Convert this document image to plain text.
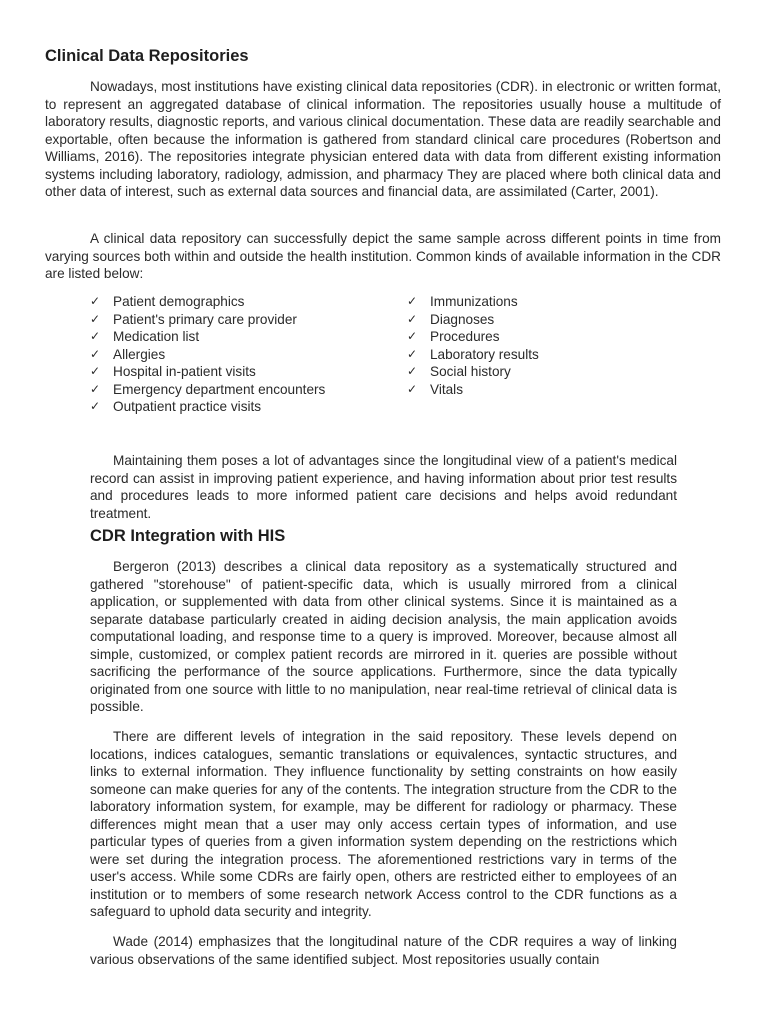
Clinical Data Repositories

Nowadays, most institutions have existing clinical data repositories (CDR). in electronic or written format, to represent an aggregated database of clinical information. The repositories usually house a multitude of laboratory results, diagnostic reports, and various clinical documentation. These data are readily searchable and exportable, often because the information is gathered from standard clinical care procedures (Robertson and Williams, 2016). The repositories integrate physician entered data with data from different existing information systems including laboratory, radiology, admission, and pharmacy They are placed where both clinical data and other data of interest, such as external data sources and financial data, are assimilated (Carter, 2001).

A clinical data repository can successfully depict the same sample across different points in time from varying sources both within and outside the health institution. Common kinds of available information in the CDR are listed below:

✓ Patient demographics
✓ Patient's primary care provider
✓ Medication list
✓ Allergies
✓ Hospital in-patient visits
✓ Emergency department encounters
✓ Outpatient practice visits
✓ Immunizations
✓ Diagnoses
✓ Procedures
✓ Laboratory results
✓ Social history
✓ Vitals

Maintaining them poses a lot of advantages since the longitudinal view of a patient's medical record can assist in improving patient experience, and having information about prior test results and procedures leads to more informed patient care decisions and helps avoid redundant treatment.

CDR Integration with HIS

Bergeron (2013) describes a clinical data repository as a systematically structured and gathered "storehouse" of patient-specific data, which is usually mirrored from a clinical application, or supplemented with data from other clinical systems. Since it is maintained as a separate database particularly created in aiding decision analysis, the main application avoids computational loading, and response time to a query is improved. Moreover, because almost all simple, customized, or complex patient records are mirrored in it. queries are possible without sacrificing the performance of the source applications. Furthermore, since the data typically originated from one source with little to no manipulation, near real-time retrieval of clinical data is possible.

There are different levels of integration in the said repository. These levels depend on locations, indices catalogues, semantic translations or equivalences, syntactic structures, and links to external information. They influence functionality by setting constraints on how easily someone can make queries for any of the contents. The integration structure from the CDR to the laboratory information system, for example, may be different for radiology or pharmacy. These differences might mean that a user may only access certain types of information, and use particular types of queries from a given information system depending on the restrictions which were set during the integration process. The aforementioned restrictions vary in terms of the user's access. While some CDRs are fairly open, others are restricted either to employees of an institution or to members of some research network Access control to the CDR functions as a safeguard to uphold data security and integrity.

Wade (2014) emphasizes that the longitudinal nature of the CDR requires a way of linking various observations of the same identified subject. Most repositories usually contain
